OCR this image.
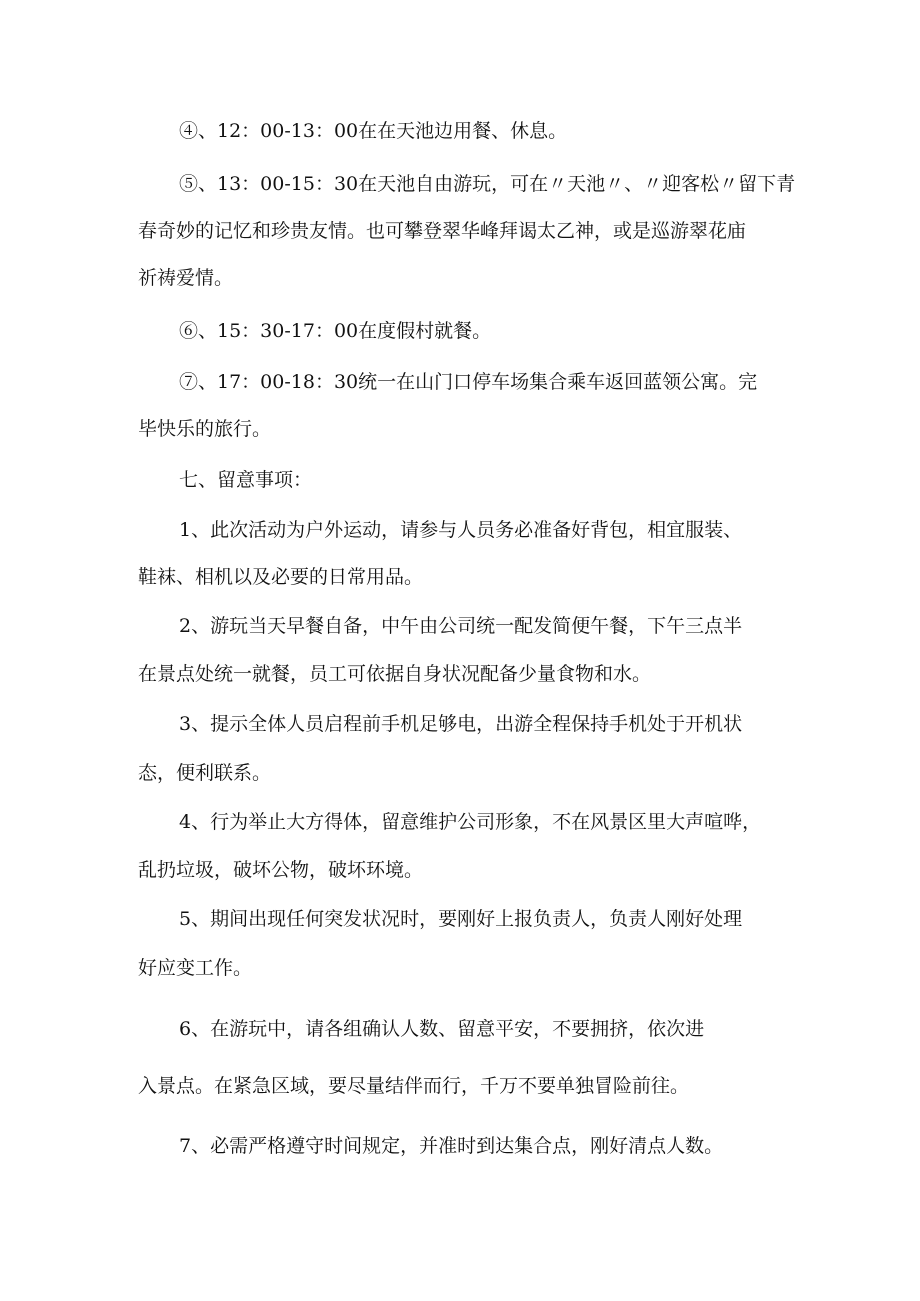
④、12：00-13：00在在天池边用餐、休息。
⑤、13：00-15：30在天池自由游玩，可在〃天池〃、〃迎客松〃留下青
春奇妙的记忆和珍贵友情。也可攀登翠华峰拜谒太乙神，或是巡游翠花庙
祈祷爱情。
⑥、15：30-17：00在度假村就餐。
⑦、17：00-18：30统一在山门口停车场集合乘车返回蓝领公寓。完
毕快乐的旅行。
七、留意事项：
1、此次活动为户外运动，请参与人员务必准备好背包，相宜服装、
鞋袜、相机以及必要的日常用品。
2、游玩当天早餐自备，中午由公司统一配发简便午餐，下午三点半
在景点处统一就餐，员工可依据自身状况配备少量食物和水。
3、提示全体人员启程前手机足够电，出游全程保持手机处于开机状
态，便利联系。
4、行为举止大方得体，留意维护公司形象，不在风景区里大声喧哗，
乱扔垃圾，破坏公物，破坏环境。
5、期间出现任何突发状况时，要刚好上报负责人，负责人刚好处理
好应变工作。
6、在游玩中，请各组确认人数、留意平安，不要拥挤，依次进
入景点。在紧急区域，要尽量结伴而行，千万不要单独冒险前往。
7、必需严格遵守时间规定，并准时到达集合点，刚好清点人数。
